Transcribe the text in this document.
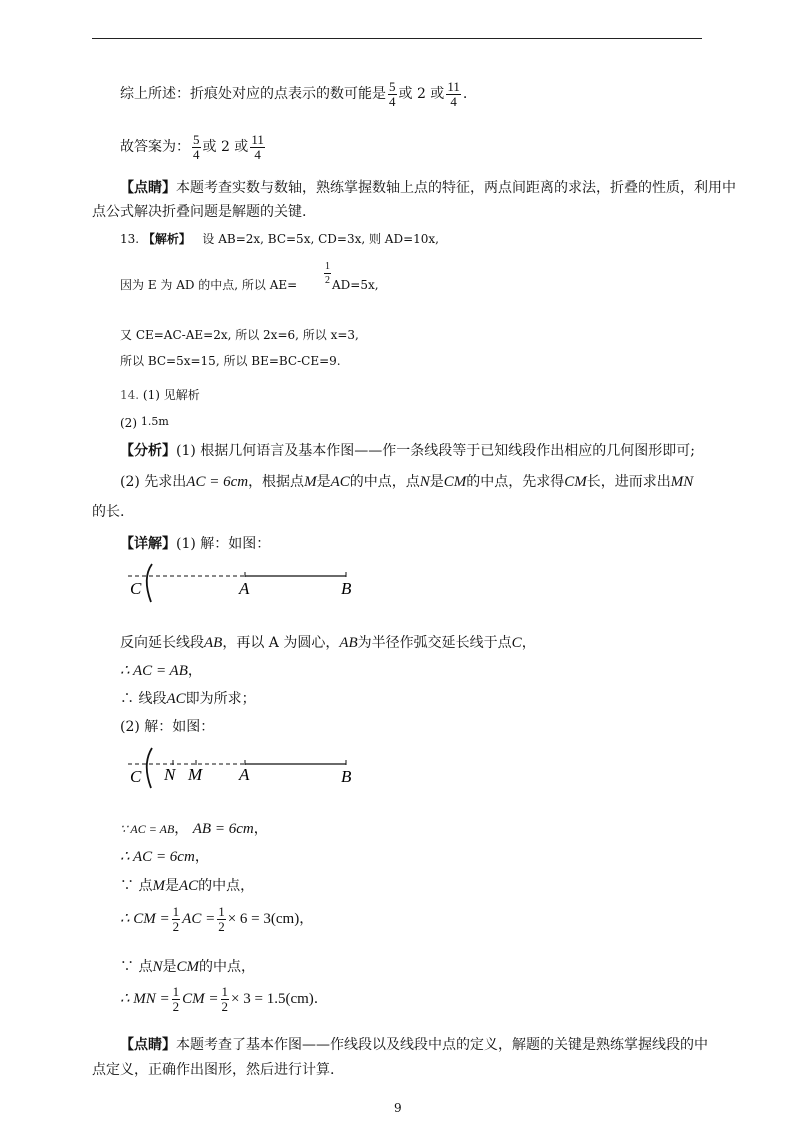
综上所述：折痕处对应的点表示的数可能是 $\frac{5}{4}$ 或 2 或 $\frac{11}{4}$ .
故答案为： $\frac{5}{4}$ 或 2 或 $\frac{11}{4}$
【点睛】本题考查实数与数轴，熟练掌握数轴上点的特征，两点间距离的求法，折叠的性质，利用中
点公式解决折叠问题是解题的关键.
13. 【解析】 设 AB=2x, BC=5x, CD=3x, 则 AD=10x,
因为 E 为 AD 的中点, 所以 AE=
1
2 AD=5x,
又 CE=AC-AE=2x, 所以 2x=6, 所以 x=3,
所以 BC=5x=15, 所以 BE=BC-CE=9.
14. (1) 见解析
(2) 1.5m
【分析】(1) 根据几何语言及基本作图——作一条线段等于已知线段作出相应的几何图形即可;
(2) 先求出AC = 6cm，根据点M是AC的中点，点N是CM的中点，先求得CM长，进而求出MN
的长.
【详解】(1) 解：如图：
C	A	B
反向延长线段AB，再以 A 为圆心，AB为半径作弧交延长线于点C，
∴ AC = AB，
∴ 线段AC即为所求；
(2) 解：如图：
C N M A	B
∵ AC = AB， AB = 6cm，
∴ AC = 6cm，
∵ 点M是AC的中点，
∴ CM = $\frac{1}{2}$ AC = $\frac{1}{2} \times 6 = 3(cm)$，
∵ 点N是CM的中点，
∴ MN = $\frac{1}{2}$ CM = $\frac{1}{2} \times 3 = 1.5(cm)$.
【点睛】本题考查了基本作图——作线段以及线段中点的定义，解题的关键是熟练掌握线段的中
点定义，正确作出图形，然后进行计算.
9
